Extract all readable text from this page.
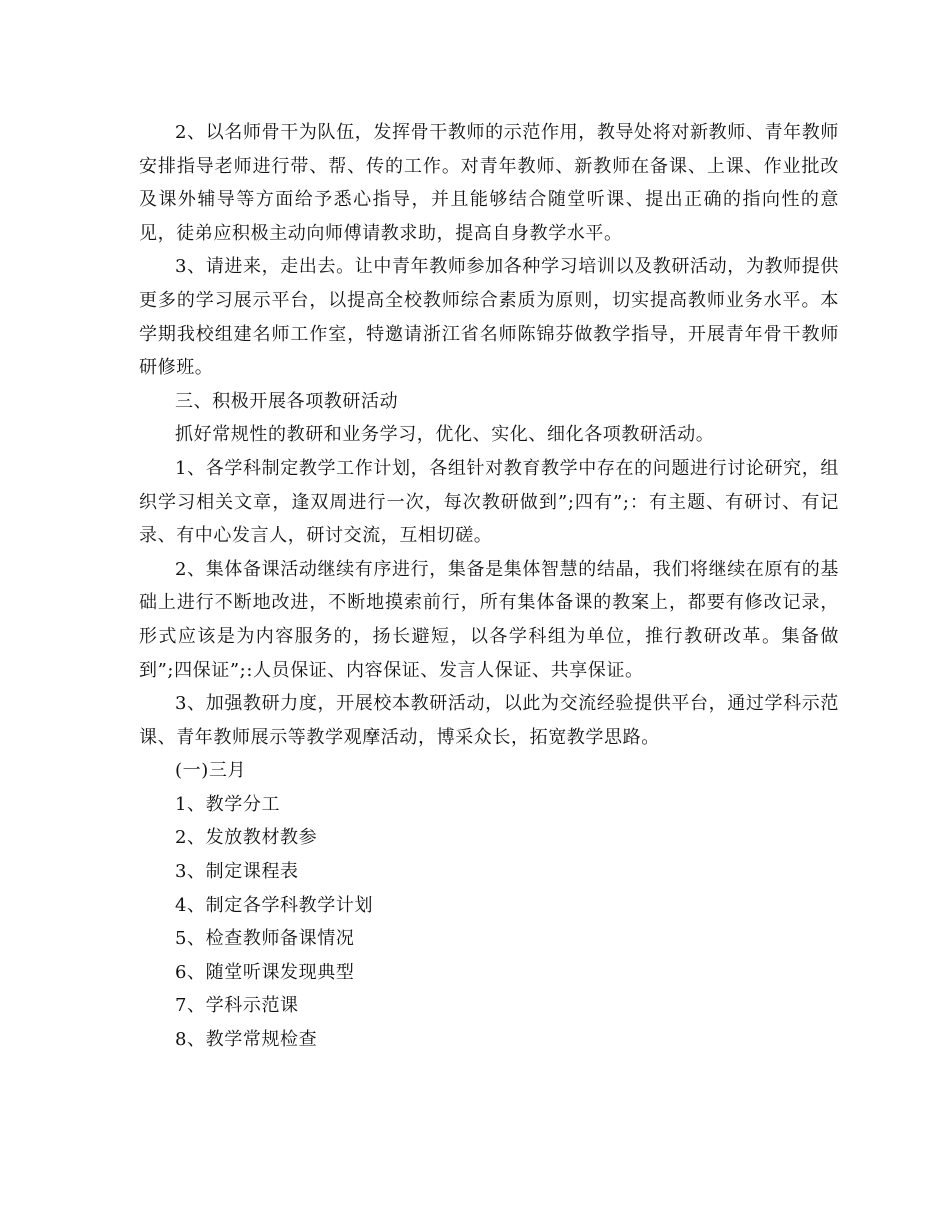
2、以名师骨干为队伍，发挥骨干教师的示范作用，教导处将对新教师、青年教师安排指导老师进行带、帮、传的工作。对青年教师、新教师在备课、上课、作业批改及课外辅导等方面给予悉心指导，并且能够结合随堂听课、提出正确的指向性的意见，徒弟应积极主动向师傅请教求助，提高自身教学水平。

3、请进来，走出去。让中青年教师参加各种学习培训以及教研活动，为教师提供更多的学习展示平台，以提高全校教师综合素质为原则，切实提高教师业务水平。本学期我校组建名师工作室，特邀请浙江省名师陈锦芬做教学指导，开展青年骨干教师研修班。

三、积极开展各项教研活动

抓好常规性的教研和业务学习，优化、实化、细化各项教研活动。

1、各学科制定教学工作计划，各组针对教育教学中存在的问题进行讨论研究，组织学习相关文章，逢双周进行一次，每次教研做到”;四有”;：有主题、有研讨、有记录、有中心发言人，研讨交流，互相切磋。

2、集体备课活动继续有序进行，集备是集体智慧的结晶，我们将继续在原有的基础上进行不断地改进，不断地摸索前行，所有集体备课的教案上，都要有修改记录，形式应该是为内容服务的，扬长避短，以各学科组为单位，推行教研改革。集备做到”;四保证”;:人员保证、内容保证、发言人保证、共享保证。

3、加强教研力度，开展校本教研活动，以此为交流经验提供平台，通过学科示范课、青年教师展示等教学观摩活动，博采众长，拓宽教学思路。

(一)三月

1、教学分工

2、发放教材教参

3、制定课程表

4、制定各学科教学计划

5、检查教师备课情况

6、随堂听课发现典型

7、学科示范课

8、教学常规检查
